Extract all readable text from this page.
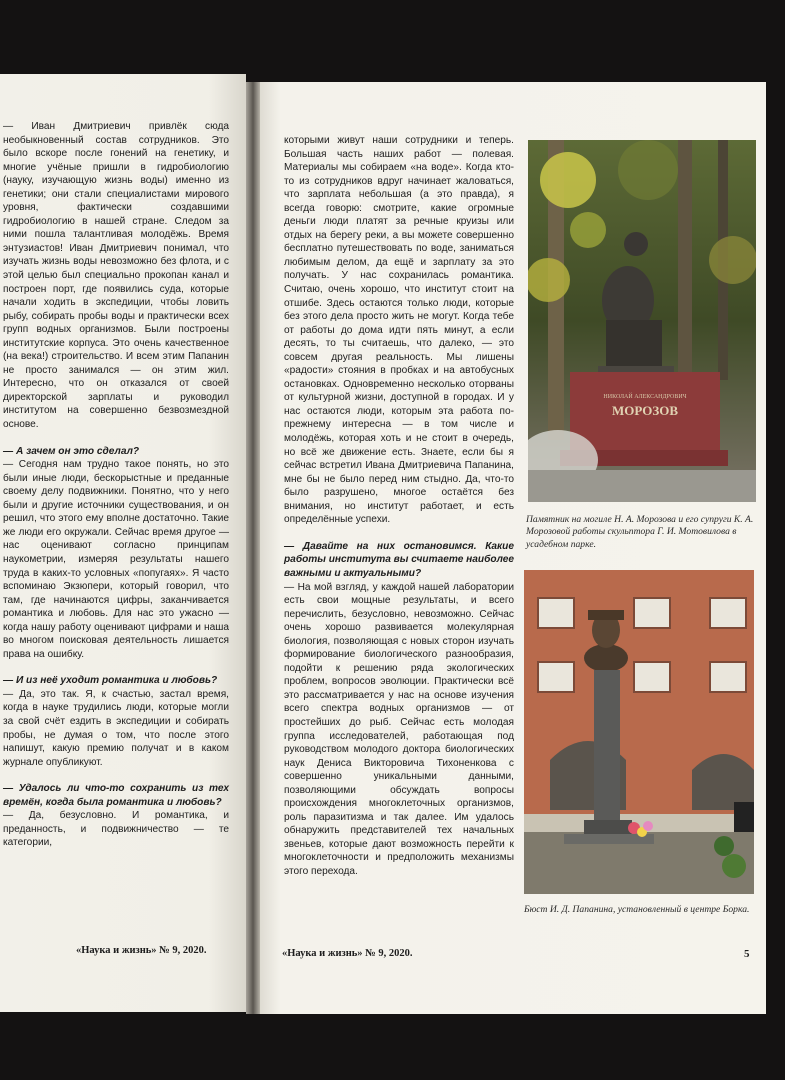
— Иван Дмитриевич привлёк сюда необыкновенный состав сотрудников. Это было вскоре после гонений на генетику, и многие учёные пришли в гидробиологию (науку, изучающую жизнь воды) именно из генетики; они стали специалистами мирового уровня, фактически создавшими гидробиологию в нашей стране. Следом за ними пошла талантливая молодёжь. Время энтузиастов! Иван Дмитриевич понимал, что изучать жизнь воды невозможно без флота, и с этой целью был специально прокопан канал и построен порт, где появились суда, которые начали ходить в экспедиции, чтобы ловить рыбу, собирать пробы воды и практически всех групп водных организмов. Были построены институтские корпуса. Это очень качественное (на века!) строительство. И всем этим Папанин не просто занимался — он этим жил. Интересно, что он отказался от своей директорской зарплаты и руководил институтом на совершенно безвозмездной основе.

— А зачем он это сделал?

— Сегодня нам трудно такое понять, но это были иные люди, бескорыстные и преданные своему делу подвижники. Понятно, что у него были и другие источники существования, и он решил, что этого ему вполне достаточно. Такие же люди его окружали. Сейчас время другое — нас оценивают согласно принципам наукометрии, измеряя результаты нашего труда в каких-то условных «попугаях». Я часто вспоминаю Экзюпери, который говорил, что там, где начинаются цифры, заканчивается романтика и любовь. Для нас это ужасно — когда нашу работу оценивают цифрами и наша во многом поисковая деятельность лишается права на ошибку.

— И из неё уходит романтика и любовь?

— Да, это так. Я, к счастью, застал время, когда в науке трудились люди, которые могли за свой счёт ездить в экспедиции и собирать пробы, не думая о том, что после этого напишут, какую премию получат и в каком журнале опубликуют.

— Удалось ли что-то сохранить из тех времён, когда была романтика и любовь?

— Да, безусловно. И романтика, и преданность, и подвижничество — те категории,

«Наука и жизнь» № 9, 2020.

которыми живут наши сотрудники и теперь. Большая часть наших работ — полевая. Материалы мы собираем «на воде». Когда кто-то из сотрудников вдруг начинает жаловаться, что зарплата небольшая (а это правда), я всегда говорю: смотрите, какие огромные деньги люди платят за речные круизы или отдых на берегу реки, а вы можете совершенно бесплатно путешествовать по воде, заниматься любимым делом, да ещё и зарплату за это получать. У нас сохранилась романтика. Считаю, очень хорошо, что институт стоит на отшибе. Здесь остаются только люди, которые без этого дела просто жить не могут. Когда тебе от работы до дома идти пять минут, а если десять, то ты считаешь, что далеко, — это совсем другая реальность. Мы лишены «радости» стояния в пробках и на автобусных остановках. Одновременно несколько оторваны от культурной жизни, доступной в городах. И у нас остаются люди, которым эта работа по-прежнему интересна — в том числе и молодёжь, которая хоть и не стоит в очередь, но всё же движение есть. Знаете, если бы я сейчас встретил Ивана Дмитриевича Папанина, мне бы не было перед ним стыдно. Да, что-то было разрушено, многое остаётся без внимания, но институт работает, и есть определённые успехи.

— Давайте на них остановимся. Какие работы института вы считаете наиболее важными и актуальными?

— На мой взгляд, у каждой нашей лаборатории есть свои мощные результаты, и всего перечислить, безусловно, невозможно. Сейчас очень хорошо развивается молекулярная биология, позволяющая с новых сторон изучать формирование биологического разнообразия, подойти к решению ряда экологических проблем, вопросов эволюции. Практически всё это рассматривается у нас на основе изучения всего спектра водных организмов — от простейших до рыб. Сейчас есть молодая группа исследователей, работающая под руководством молодого доктора биологических наук Дениса Викторовича Тихоненкова с совершенно уникальными данными, позволяющими обсуждать вопросы происхождения многоклеточных организмов, роль паразитизма и так далее. Им удалось обнаружить представителей тех начальных звеньев, которые дают возможность перейти к многоклеточности и предположить механизмы этого перехода.

НИКОЛАЙ АЛЕКСАНДРОВИЧ
МОРОЗОВ
Памятник на могиле Н. А. Морозова и его супруги К. А. Морозовой работы скульптора Г. И. Мотовилова в усадебном парке.
Бюст И. Д. Папанина, установленный в центре Борка.
«Наука и жизнь» № 9, 2020.	5
